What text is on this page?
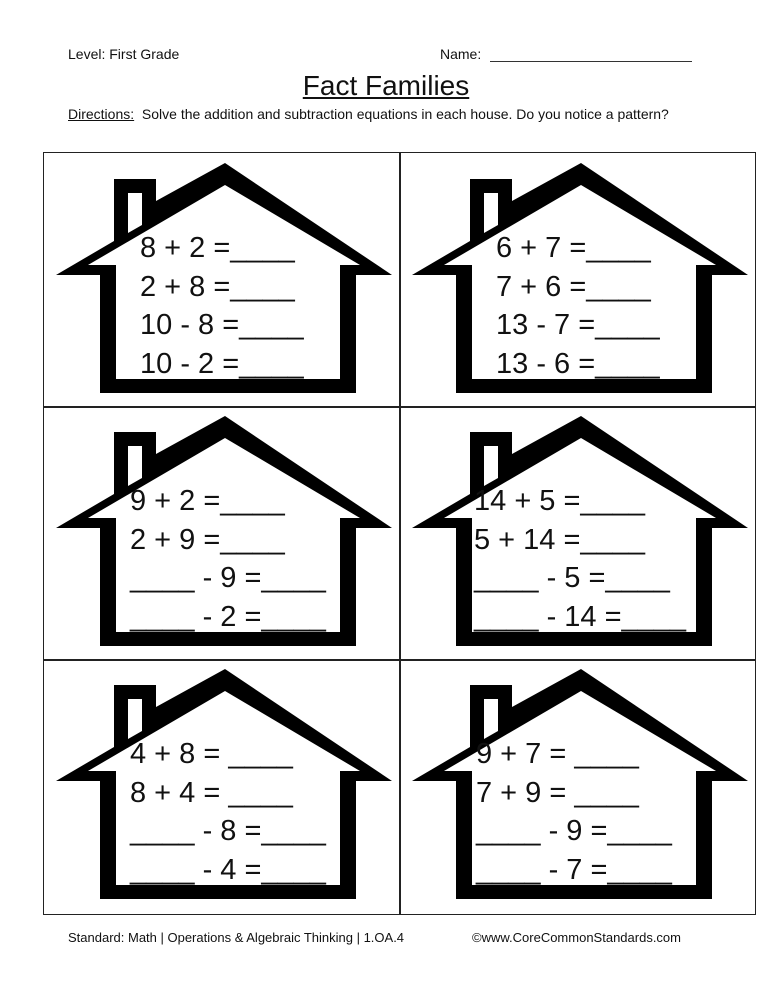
Level: First Grade	Name:
Fact Families
Directions: Solve the addition and subtraction equations in each house. Do you notice a pattern?
8 + 2 =____
2 + 8 =____
10 - 8 =____
10 - 2 =____
6 + 7 =____
7 + 6 =____
13 - 7 =____
13 - 6 =____
9 + 2 =____
2 + 9 =____
____ - 9 =____
____ - 2 =____
14 + 5 =____
5 + 14 =____
____ - 5 =____
____ - 14 =____
4 + 8 = ____
8 + 4 = ____
____ - 8 =____
____ - 4 =____
9 + 7 = ____
7 + 9 = ____
____ - 9 =____
____ - 7 =____
Standard: Math | Operations & Algebraic Thinking | 1.OA.4	©www.CoreCommonStandards.com
